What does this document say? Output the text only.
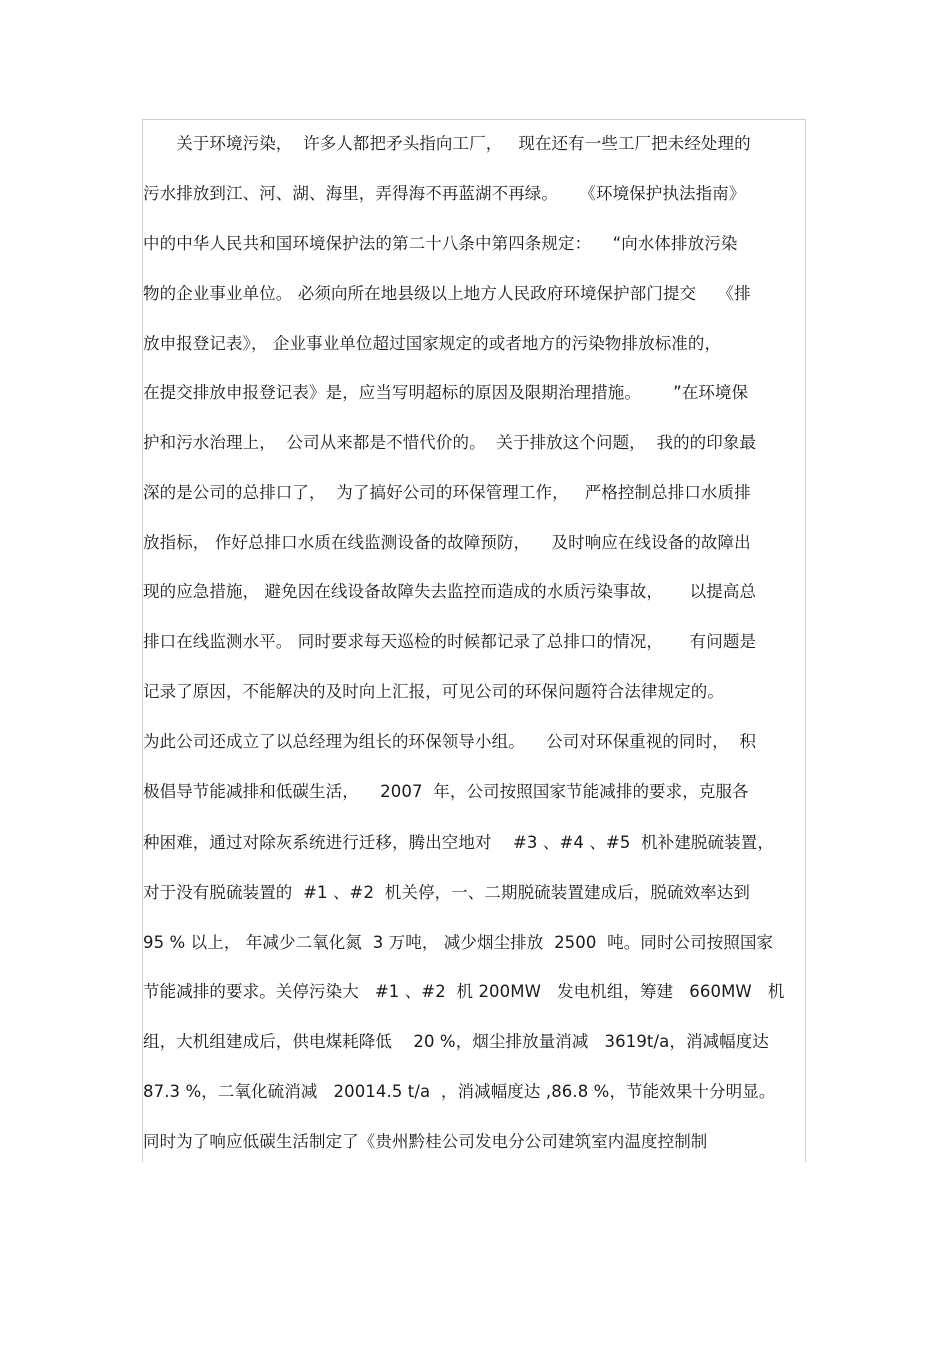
　　关于环境污染，  许多人都把矛头指向工厂，   现在还有一些工厂把未经处理的
污水排放到江、河、湖、海里，弄得海不再蓝湖不再绿。    《环境保护执法指南》
中的中华人民共和国环境保护法的第二十八条中第四条规定：    “向水体排放污染
物的企业事业单位。 必须向所在地县级以上地方人民政府环境保护部门提交    《排
放申报登记表》， 企业事业单位超过国家规定的或者地方的污染物排放标准的，
在提交排放申报登记表》是，应当写明超标的原因及限期治理措施。      ”在环境保
护和污水治理上，  公司从来都是不惜代价的。  关于排放这个问题，  我的的印象最
深的是公司的总排口了，  为了搞好公司的环保管理工作，   严格控制总排口水质排
放指标， 作好总排口水质在线监测设备的故障预防，    及时响应在线设备的故障出
现的应急措施， 避免因在线设备故障失去监控而造成的水质污染事故，     以提高总
排口在线监测水平。 同时要求每天巡检的时候都记录了总排口的情况，     有问题是
记录了原因，不能解决的及时向上汇报，可见公司的环保问题符合法律规定的。
为此公司还成立了以总经理为组长的环保领导小组。    公司对环保重视的同时，  积
极倡导节能减排和低碳生活，    2007  年，公司按照国家节能减排的要求，克服各
种困难，通过对除灰系统进行迁移，腾出空地对    #3 、#4 、#5  机补建脱硫装置，
对于没有脱硫装置的  #1 、#2  机关停，一、二期脱硫装置建成后，脱硫效率达到
95 % 以上， 年减少二氧化氮  3 万吨， 减少烟尘排放  2500  吨。同时公司按照国家
节能减排的要求。关停污染大   #1 、#2  机 200MW   发电机组，筹建   660MW   机
组，大机组建成后，供电煤耗降低    20 %，烟尘排放量消减   3619t/a，消减幅度达
87.3 %，二氧化硫消减   20014.5 t/a  ，消减幅度达 ,86.8 %，节能效果十分明显。
同时为了响应低碳生活制定了《贵州黔桂公司发电分公司建筑室内温度控制制
